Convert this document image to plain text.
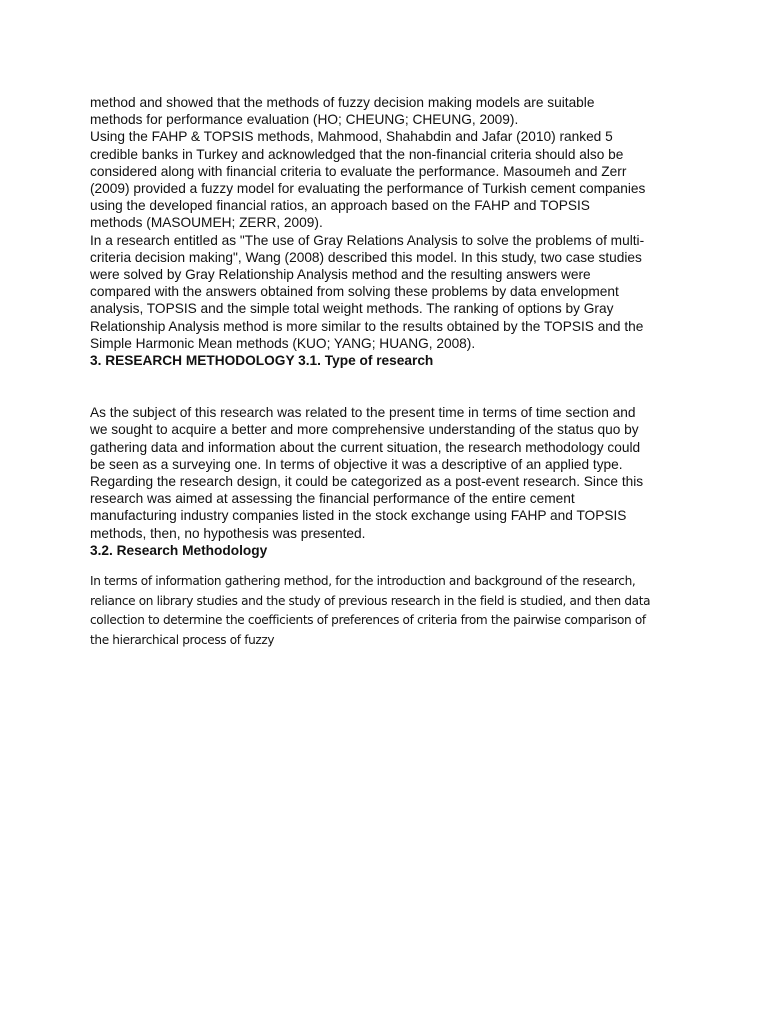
method and showed that the methods of fuzzy decision making models are suitable
methods for performance evaluation (HO; CHEUNG; CHEUNG, 2009).

Using the FAHP & TOPSIS methods, Mahmood, Shahabdin and Jafar (2010) ranked 5
credible banks in Turkey and acknowledged that the non-financial criteria should also be
considered along with financial criteria to evaluate the performance. Masoumeh and Zerr
(2009) provided a fuzzy model for evaluating the performance of Turkish cement companies
using the developed financial ratios, an approach based on the FAHP and TOPSIS
methods (MASOUMEH; ZERR, 2009).

In a research entitled as "The use of Gray Relations Analysis to solve the problems of multi-
criteria decision making", Wang (2008) described this model. In this study, two case studies
were solved by Gray Relationship Analysis method and the resulting answers were
compared with the answers obtained from solving these problems by data envelopment
analysis, TOPSIS and the simple total weight methods. The ranking of options by Gray
Relationship Analysis method is more similar to the results obtained by the TOPSIS and the
Simple Harmonic Mean methods (KUO; YANG; HUANG, 2008).

3. RESEARCH METHODOLOGY 3.1. Type of research

As the subject of this research was related to the present time in terms of time section and
we sought to acquire a better and more comprehensive understanding of the status quo by
gathering data and information about the current situation, the research methodology could
be seen as a surveying one. In terms of objective it was a descriptive of an applied type.
Regarding the research design, it could be categorized as a post-event research. Since this
research was aimed at assessing the financial performance of the entire cement
manufacturing industry companies listed in the stock exchange using FAHP and TOPSIS
methods, then, no hypothesis was presented.

3.2. Research Methodology

In terms of information gathering method, for the introduction and background of the research,
reliance on library studies and the study of previous research in the field is studied, and then data
collection to determine the coefficients of preferences of criteria from the pairwise comparison of
the hierarchical process of fuzzy
